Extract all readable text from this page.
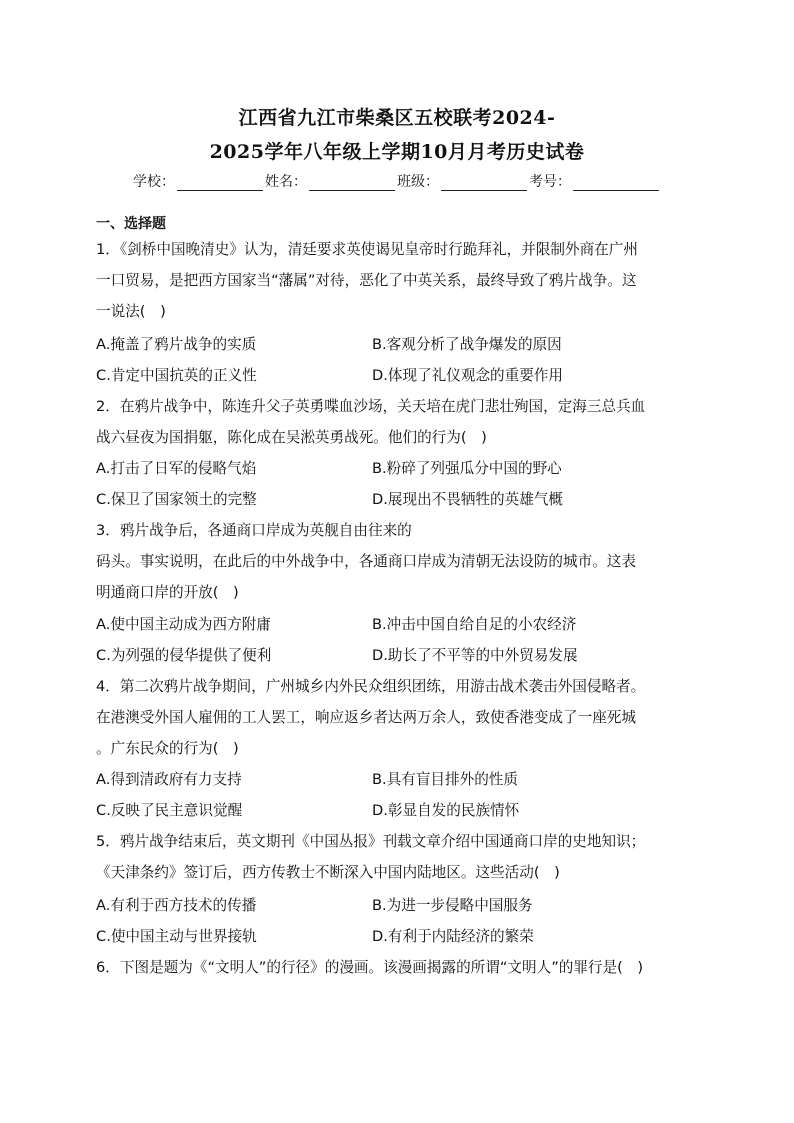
江西省九江市柴桑区五校联考2024-
2025学年八年级上学期10月月考历史试卷
学校：	姓名：	班级：	考号：
一、选择题
1．《剑桥中国晚清史》认为，清廷要求英使谒见皇帝时行跪拜礼，并限制外商在广州
一口贸易，是把西方国家当“藩属”对待，恶化了中英关系，最终导致了鸦片战争。这
一说法(　)
A.掩盖了鸦片战争的实质	B.客观分析了战争爆发的原因
C.肯定中国抗英的正义性	D.体现了礼仪观念的重要作用
2．在鸦片战争中，陈连升父子英勇喋血沙场，关天培在虎门悲壮殉国，定海三总兵血
战六昼夜为国捐躯，陈化成在吴淞英勇战死。他们的行为(　)
A.打击了日军的侵略气焰	B.粉碎了列强瓜分中国的野心
C.保卫了国家领土的完整	D.展现出不畏牺牲的英雄气概
3．鸦片战争后，各通商口岸成为英舰自由往来的
码头。事实说明，在此后的中外战争中，各通商口岸成为清朝无法设防的城市。这表
明通商口岸的开放(　)
A.使中国主动成为西方附庸	B.冲击中国自给自足的小农经济
C.为列强的侵华提供了便利	D.助长了不平等的中外贸易发展
4．第二次鸦片战争期间，广州城乡内外民众组织团练，用游击战术袭击外国侵略者。
在港澳受外国人雇佣的工人罢工，响应返乡者达两万余人，致使香港变成了一座死城
。广东民众的行为(　)
A.得到清政府有力支持	B.具有盲目排外的性质
C.反映了民主意识觉醒	D.彰显自发的民族情怀
5．鸦片战争结束后，英文期刊《中国丛报》刊载文章介绍中国通商口岸的史地知识；
《天津条约》签订后，西方传教士不断深入中国内陆地区。这些活动(　)
A.有利于西方技术的传播	B.为进一步侵略中国服务
C.使中国主动与世界接轨	D.有利于内陆经济的繁荣
6．下图是题为《“文明人”的行径》的漫画。该漫画揭露的所谓“文明人”的罪行是(　)
